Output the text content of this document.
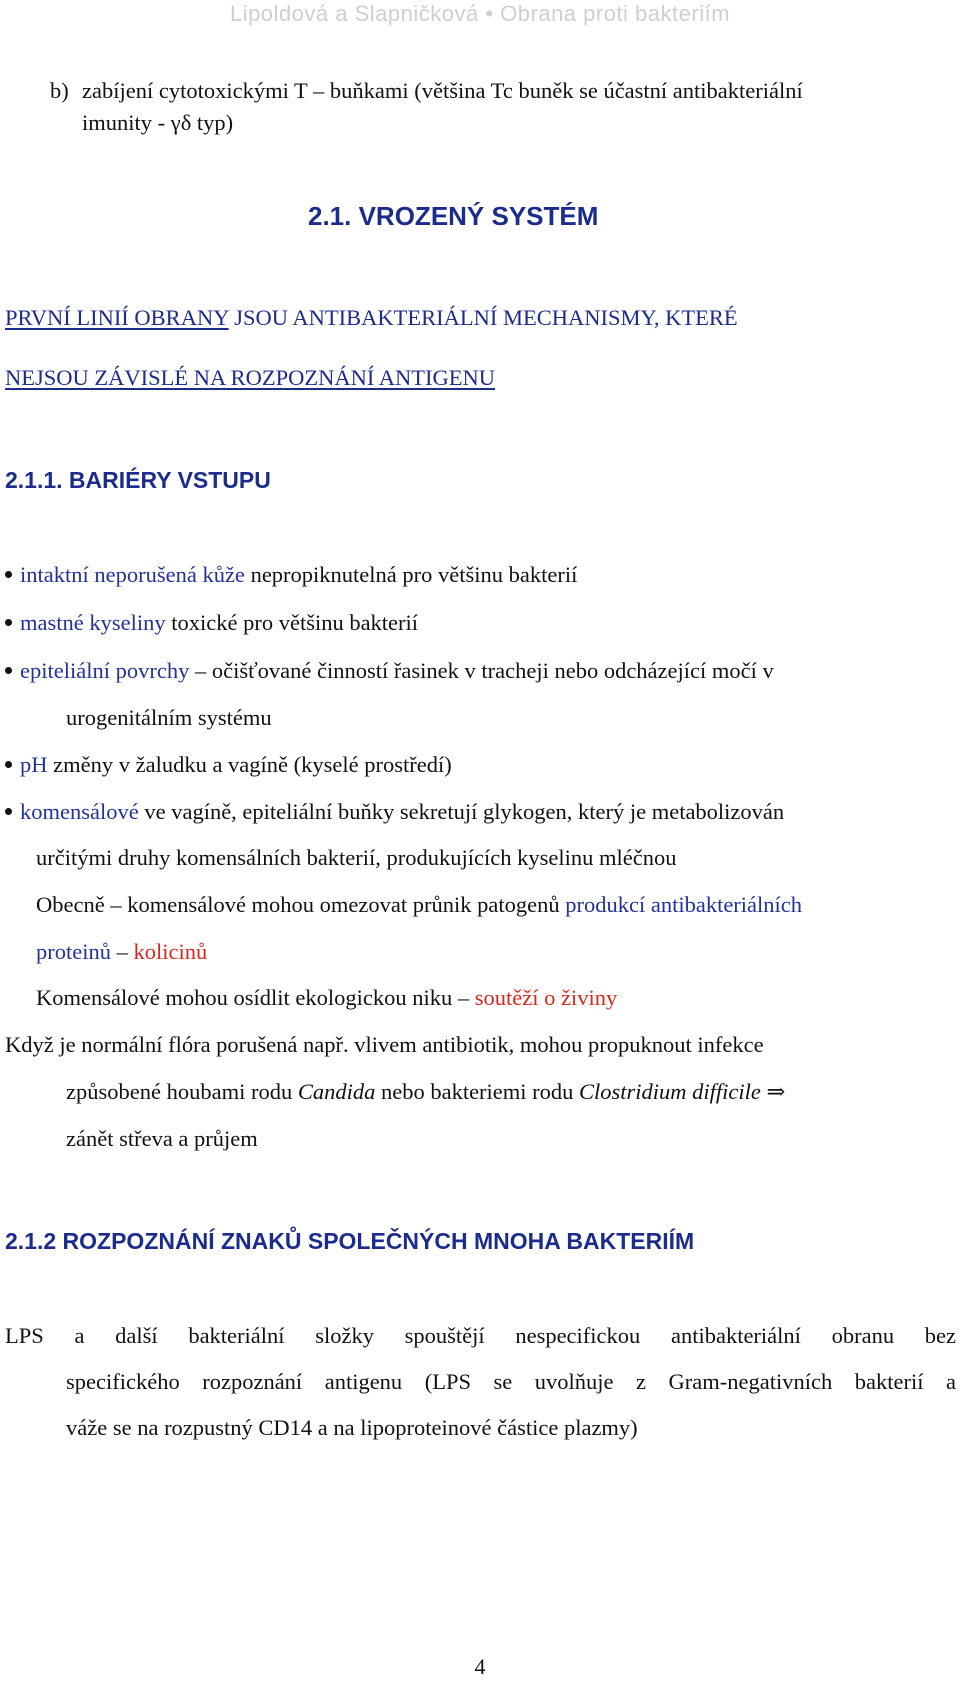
Lipoldová a Slapničková • Obrana proti bakteriím
b) zabíjení cytotoxickými T – buňkami (většina Tc buněk se účastní antibakteriální
imunity - γδ typ)
2.1. VROZENÝ SYSTÉM
PRVNÍ LINIÍ OBRANY JSOU ANTIBAKTERIÁLNÍ MECHANISMY, KTERÉ
NEJSOU ZÁVISLÉ NA ROZPOZNÁNÍ ANTIGENU
2.1.1. BARIÉRY VSTUPU
intaktní neporušená kůže nepropiknutelná pro většinu bakterií
mastné kyseliny toxické pro většinu bakterií
epiteliální povrchy – očišťované činností řasinek v tracheji nebo odcházející močí v
urogenitálním systému
pH změny v žaludku a vagíně (kyselé prostředí)
komensálové ve vagíně, epiteliální buňky sekretují glykogen, který je metabolizován
určitými druhy komensálních bakterií, produkujících kyselinu mléčnou
Obecně – komensálové mohou omezovat průnik patogenů produkcí antibakteriálních
proteinů – kolicinů
Komensálové mohou osídlit ekologickou niku – soutěží o živiny
Když je normální flóra porušená např. vlivem antibiotik, mohou propuknout infekce
způsobené houbami rodu Candida nebo bakteriemi rodu Clostridium difficile ⇒
zánět střeva a průjem
2.1.2 ROZPOZNÁNÍ ZNAKŮ SPOLEČNÝCH MNOHA BAKTERIÍM
LPS a další bakteriální složky spouštějí nespecifickou antibakteriální obranu bez
specifického rozpoznání antigenu (LPS se uvolňuje z Gram-negativních bakterií a
váže se na rozpustný CD14 a na lipoproteinové částice plazmy)
4
